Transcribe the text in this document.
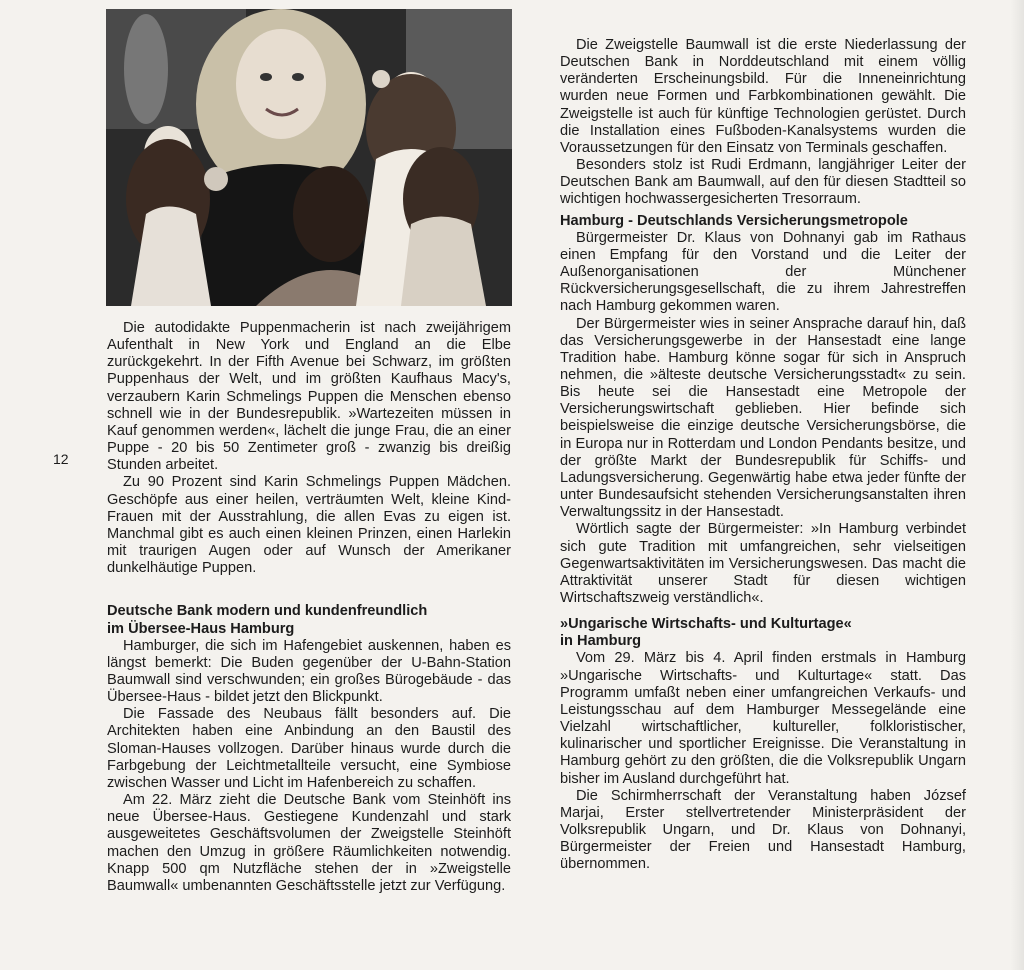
12

Die autodidakte Puppenmacherin ist nach zweijährigem Aufenthalt in New York und England an die Elbe zurückgekehrt. In der Fifth Avenue bei Schwarz, im größten Puppenhaus der Welt, und im größten Kaufhaus Macy's, verzaubern Karin Schmelings Puppen die Menschen ebenso schnell wie in der Bundesrepublik. »Wartezeiten müssen in Kauf genommen werden«, lächelt die junge Frau, die an einer Puppe - 20 bis 50 Zentimeter groß - zwanzig bis dreißig Stunden arbeitet.

Zu 90 Prozent sind Karin Schmelings Puppen Mädchen. Geschöpfe aus einer heilen, verträumten Welt, kleine Kind-Frauen mit der Ausstrahlung, die allen Evas zu eigen ist. Manchmal gibt es auch einen kleinen Prinzen, einen Harlekin mit traurigen Augen oder auf Wunsch der Amerikaner dunkelhäutige Puppen.

Deutsche Bank modern und kundenfreundlich
im Übersee-Haus Hamburg

Hamburger, die sich im Hafengebiet auskennen, haben es längst bemerkt: Die Buden gegenüber der U-Bahn-Station Baumwall sind verschwunden; ein großes Bürogebäude - das Übersee-Haus - bildet jetzt den Blickpunkt.

Die Fassade des Neubaus fällt besonders auf. Die Architekten haben eine Anbindung an den Baustil des Sloman-Hauses vollzogen. Darüber hinaus wurde durch die Farbgebung der Leichtmetallteile versucht, eine Symbiose zwischen Wasser und Licht im Hafenbereich zu schaffen.

Am 22. März zieht die Deutsche Bank vom Steinhöft ins neue Übersee-Haus. Gestiegene Kundenzahl und stark ausgeweitetes Geschäftsvolumen der Zweigstelle Steinhöft machen den Umzug in größere Räumlichkeiten notwendig. Knapp 500 qm Nutzfläche stehen der in »Zweigstelle Baumwall« umbenannten Geschäftsstelle jetzt zur Verfügung.

Die Zweigstelle Baumwall ist die erste Niederlassung der Deutschen Bank in Norddeutschland mit einem völlig veränderten Erscheinungsbild. Für die Inneneinrichtung wurden neue Formen und Farbkombinationen gewählt. Die Zweigstelle ist auch für künftige Technologien gerüstet. Durch die Installation eines Fußboden-Kanalsystems wurden die Voraussetzungen für den Einsatz von Terminals geschaffen.

Besonders stolz ist Rudi Erdmann, langjähriger Leiter der Deutschen Bank am Baumwall, auf den für diesen Stadtteil so wichtigen hochwassergesicherten Tresorraum.

Hamburg - Deutschlands Versicherungsmetropole

Bürgermeister Dr. Klaus von Dohnanyi gab im Rathaus einen Empfang für den Vorstand und die Leiter der Außenorganisationen der Münchener Rückversicherungsgesellschaft, die zu ihrem Jahrestreffen nach Hamburg gekommen waren.

Der Bürgermeister wies in seiner Ansprache darauf hin, daß das Versicherungsgewerbe in der Hansestadt eine lange Tradition habe. Hamburg könne sogar für sich in Anspruch nehmen, die »älteste deutsche Versicherungsstadt« zu sein. Bis heute sei die Hansestadt eine Metropole der Versicherungswirtschaft geblieben. Hier befinde sich beispielsweise die einzige deutsche Versicherungsbörse, die in Europa nur in Rotterdam und London Pendants besitze, und der größte Markt der Bundesrepublik für Schiffs- und Ladungsversicherung. Gegenwärtig habe etwa jeder fünfte der unter Bundesaufsicht stehenden Versicherungsanstalten ihren Verwaltungssitz in der Hansestadt.

Wörtlich sagte der Bürgermeister: »In Hamburg verbindet sich gute Tradition mit umfangreichen, sehr vielseitigen Gegenwartsaktivitäten im Versicherungswesen. Das macht die Attraktivität unserer Stadt für diesen wichtigen Wirtschaftszweig verständlich«.

»Ungarische Wirtschafts- und Kulturtage«
in Hamburg

Vom 29. März bis 4. April finden erstmals in Hamburg »Ungarische Wirtschafts- und Kulturtage« statt. Das Programm umfaßt neben einer umfangreichen Verkaufs- und Leistungsschau auf dem Hamburger Messegelände eine Vielzahl wirtschaftlicher, kultureller, folkloristischer, kulinarischer und sportlicher Ereignisse. Die Veranstaltung in Hamburg gehört zu den größten, die die Volksrepublik Ungarn bisher im Ausland durchgeführt hat.

Die Schirmherrschaft der Veranstaltung haben József Marjai, Erster stellvertretender Ministerpräsident der Volksrepublik Ungarn, und Dr. Klaus von Dohnanyi, Bürgermeister der Freien und Hansestadt Hamburg, übernommen.
